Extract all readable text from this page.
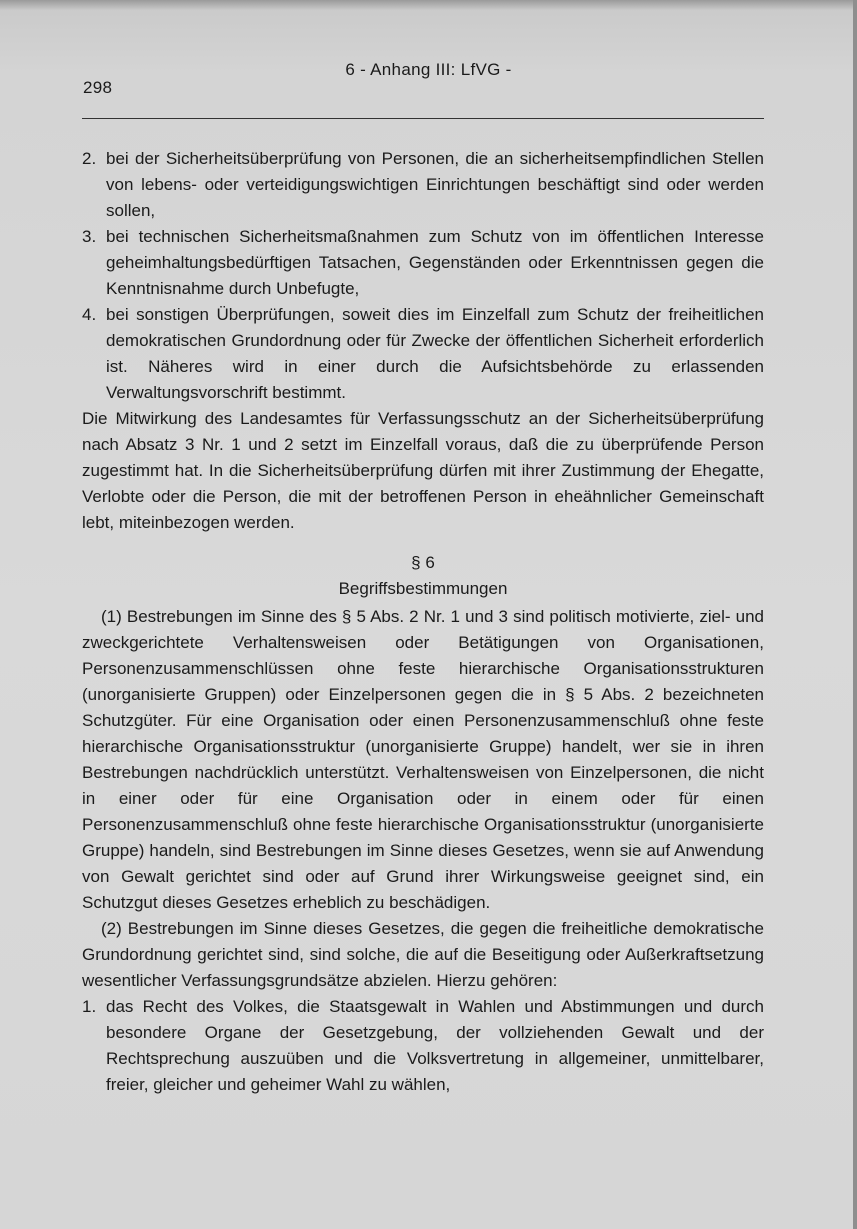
298
6 - Anhang III: LfVG -
2. bei der Sicherheitsüberprüfung von Personen, die an sicherheitsempfindlichen Stellen von lebens- oder verteidigungswichtigen Einrichtungen beschäftigt sind oder werden sollen,
3. bei technischen Sicherheitsmaßnahmen zum Schutz von im öffentlichen Interesse geheimhaltungsbedürftigen Tatsachen, Gegenständen oder Erkenntnissen gegen die Kenntnisnahme durch Unbefugte,
4. bei sonstigen Überprüfungen, soweit dies im Einzelfall zum Schutz der freiheitlichen demokratischen Grundordnung oder für Zwecke der öffentlichen Sicherheit erforderlich ist. Näheres wird in einer durch die Aufsichtsbehörde zu erlassenden Verwaltungsvorschrift bestimmt.

Die Mitwirkung des Landesamtes für Verfassungsschutz an der Sicherheitsüberprüfung nach Absatz 3 Nr. 1 und 2 setzt im Einzelfall voraus, daß die zu überprüfende Person zugestimmt hat. In die Sicherheitsüberprüfung dürfen mit ihrer Zustimmung der Ehegatte, Verlobte oder die Person, die mit der betroffenen Person in eheähnlicher Gemeinschaft lebt, miteinbezogen werden.

§ 6
Begriffsbestimmungen

(1) Bestrebungen im Sinne des § 5 Abs. 2 Nr. 1 und 3 sind politisch motivierte, ziel- und zweckgerichtete Verhaltensweisen oder Betätigungen von Organisationen, Personenzusammenschlüssen ohne feste hierarchische Organisationsstrukturen (unorganisierte Gruppen) oder Einzelpersonen gegen die in § 5 Abs. 2 bezeichneten Schutzgüter. Für eine Organisation oder einen Personenzusammenschluß ohne feste hierarchische Organisationsstruktur (unorganisierte Gruppe) handelt, wer sie in ihren Bestrebungen nachdrücklich unterstützt. Verhaltensweisen von Einzelpersonen, die nicht in einer oder für eine Organisation oder in einem oder für einen Personenzusammenschluß ohne feste hierarchische Organisationsstruktur (unorganisierte Gruppe) handeln, sind Bestrebungen im Sinne dieses Gesetzes, wenn sie auf Anwendung von Gewalt gerichtet sind oder auf Grund ihrer Wirkungsweise geeignet sind, ein Schutzgut dieses Gesetzes erheblich zu beschädigen.

(2) Bestrebungen im Sinne dieses Gesetzes, die gegen die freiheitliche demokratische Grundordnung gerichtet sind, sind solche, die auf die Beseitigung oder Außerkraftsetzung wesentlicher Verfassungsgrundsätze abzielen. Hierzu gehören:

1. das Recht des Volkes, die Staatsgewalt in Wahlen und Abstimmungen und durch besondere Organe der Gesetzgebung, der vollziehenden Gewalt und der Rechtsprechung auszuüben und die Volksvertretung in allgemeiner, unmittelbarer, freier, gleicher und geheimer Wahl zu wählen,
